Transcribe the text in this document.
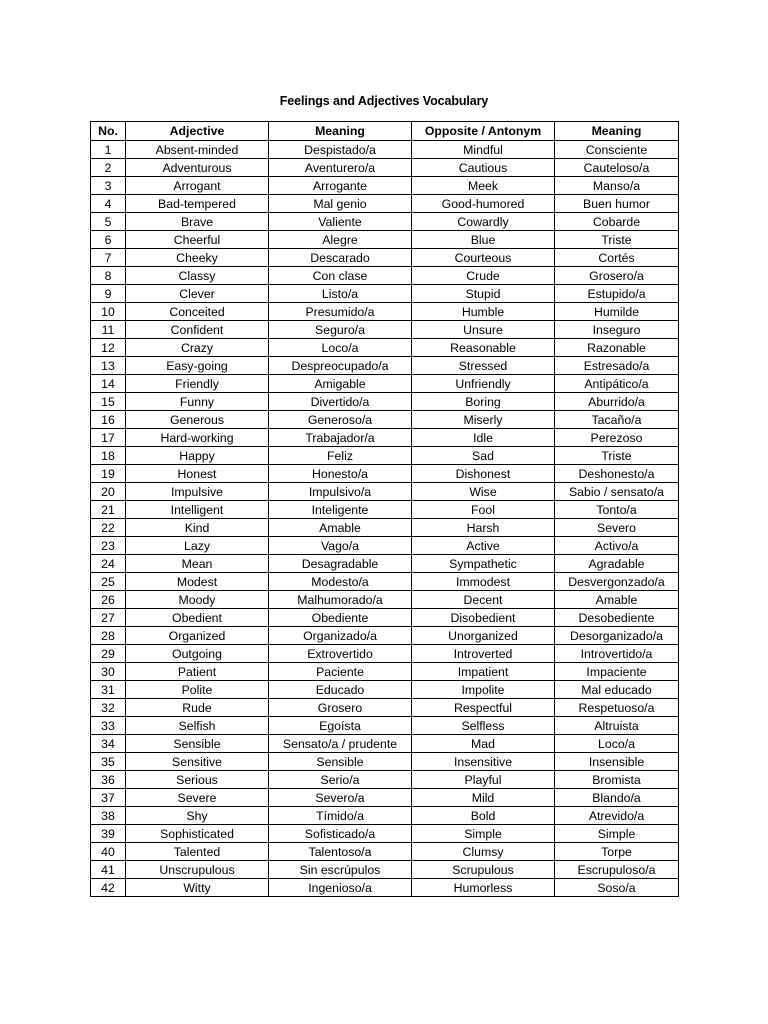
Feelings and Adjectives Vocabulary
No.	Adjective	Meaning	Opposite / Antonym	Meaning
1	Absent-minded	Despistado/a	Mindful	Consciente
2	Adventurous	Aventurero/a	Cautious	Cauteloso/a
3	Arrogant	Arrogante	Meek	Manso/a
4	Bad-tempered	Mal genio	Good-humored	Buen humor
5	Brave	Valiente	Cowardly	Cobarde
6	Cheerful	Alegre	Blue	Triste
7	Cheeky	Descarado	Courteous	Cortés
8	Classy	Con clase	Crude	Grosero/a
9	Clever	Listo/a	Stupid	Estupido/a
10	Conceited	Presumido/a	Humble	Humilde
11	Confident	Seguro/a	Unsure	Inseguro
12	Crazy	Loco/a	Reasonable	Razonable
13	Easy-going	Despreocupado/a	Stressed	Estresado/a
14	Friendly	Amigable	Unfriendly	Antipático/a
15	Funny	Divertido/a	Boring	Aburrido/a
16	Generous	Generoso/a	Miserly	Tacaño/a
17	Hard-working	Trabajador/a	Idle	Perezoso
18	Happy	Feliz	Sad	Triste
19	Honest	Honesto/a	Dishonest	Deshonesto/a
20	Impulsive	Impulsivo/a	Wise	Sabio / sensato/a
21	Intelligent	Inteligente	Fool	Tonto/a
22	Kind	Amable	Harsh	Severo
23	Lazy	Vago/a	Active	Activo/a
24	Mean	Desagradable	Sympathetic	Agradable
25	Modest	Modesto/a	Immodest	Desvergonzado/a
26	Moody	Malhumorado/a	Decent	Amable
27	Obedient	Obediente	Disobedient	Desobediente
28	Organized	Organizado/a	Unorganized	Desorganizado/a
29	Outgoing	Extrovertido	Introverted	Introvertido/a
30	Patient	Paciente	Impatient	Impaciente
31	Polite	Educado	Impolite	Mal educado
32	Rude	Grosero	Respectful	Respetuoso/a
33	Selfish	Egoísta	Selfless	Altruista
34	Sensible	Sensato/a / prudente	Mad	Loco/a
35	Sensitive	Sensible	Insensitive	Insensible
36	Serious	Serio/a	Playful	Bromista
37	Severe	Severo/a	Mild	Blando/a
38	Shy	Tímido/a	Bold	Atrevido/a
39	Sophisticated	Sofisticado/a	Simple	Simple
40	Talented	Talentoso/a	Clumsy	Torpe
41	Unscrupulous	Sin escrúpulos	Scrupulous	Escrupuloso/a
42	Witty	Ingenioso/a	Humorless	Soso/a
